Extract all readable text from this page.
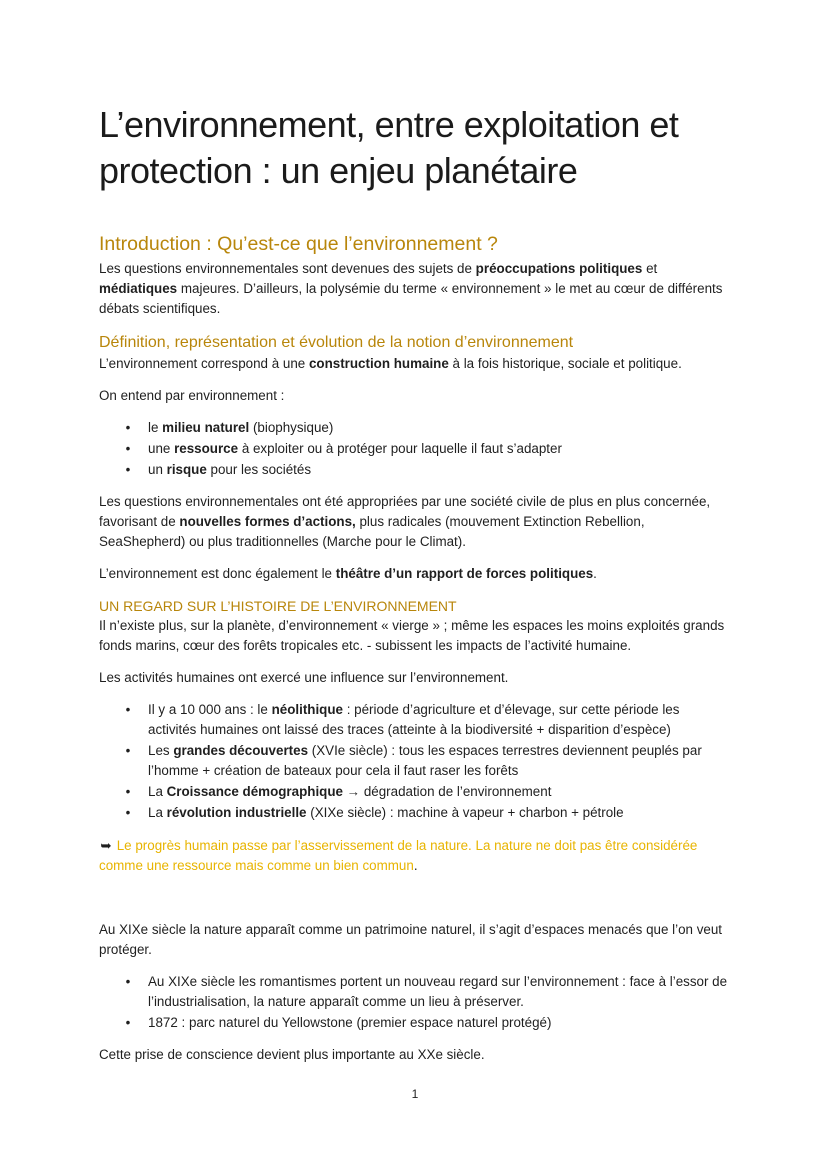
L’environnement, entre exploitation et protection : un enjeu planétaire
Introduction : Qu’est-ce que l’environnement ?

Les questions environnementales sont devenues des sujets de préoccupations politiques et médiatiques majeures. D’ailleurs, la polysémie du terme « environnement » le met au cœur de différents débats scientifiques.

Définition, représentation et évolution de la notion d’environnement

L’environnement correspond à une construction humaine à la fois historique, sociale et politique.

On entend par environnement :

• le milieu naturel (biophysique)
• une ressource à exploiter ou à protéger pour laquelle il faut s’adapter
• un risque pour les sociétés

Les questions environnementales ont été appropriées par une société civile de plus en plus concernée, favorisant de nouvelles formes d’actions, plus radicales (mouvement Extinction Rebellion, SeaShepherd) ou plus traditionnelles (Marche pour le Climat).

L’environnement est donc également le théâtre d’un rapport de forces politiques.

UN REGARD SUR L’HISTOIRE DE L’ENVIRONNEMENT

Il n’existe plus, sur la planète, d’environnement « vierge » ; même les espaces les moins exploités grands fonds marins, cœur des forêts tropicales etc. - subissent les impacts de l’activité humaine.

Les activités humaines ont exercé une influence sur l’environnement.

• Il y a 10 000 ans : le néolithique : période d’agriculture et d’élevage, sur cette période les activités humaines ont laissé des traces (atteinte à la biodiversité + disparition d’espèce)
• Les grandes découvertes (XVIe siècle) : tous les espaces terrestres deviennent peuplés par l’homme + création de bateaux pour cela il faut raser les forêts
• La Croissance démographique → dégradation de l’environnement
• La révolution industrielle (XIXe siècle) : machine à vapeur + charbon + pétrole

➥ Le progrès humain passe par l’asservissement de la nature. La nature ne doit pas être considérée comme une ressource mais comme un bien commun.

Au XIXe siècle la nature apparaît comme un patrimoine naturel, il s’agit d’espaces menacés que l’on veut protéger.

• Au XIXe siècle les romantismes portent un nouveau regard sur l’environnement : face à l’essor de l’industrialisation, la nature apparaît comme un lieu à préserver.
• 1872 : parc naturel du Yellowstone (premier espace naturel protégé)

Cette prise de conscience devient plus importante au XXe siècle.

1
